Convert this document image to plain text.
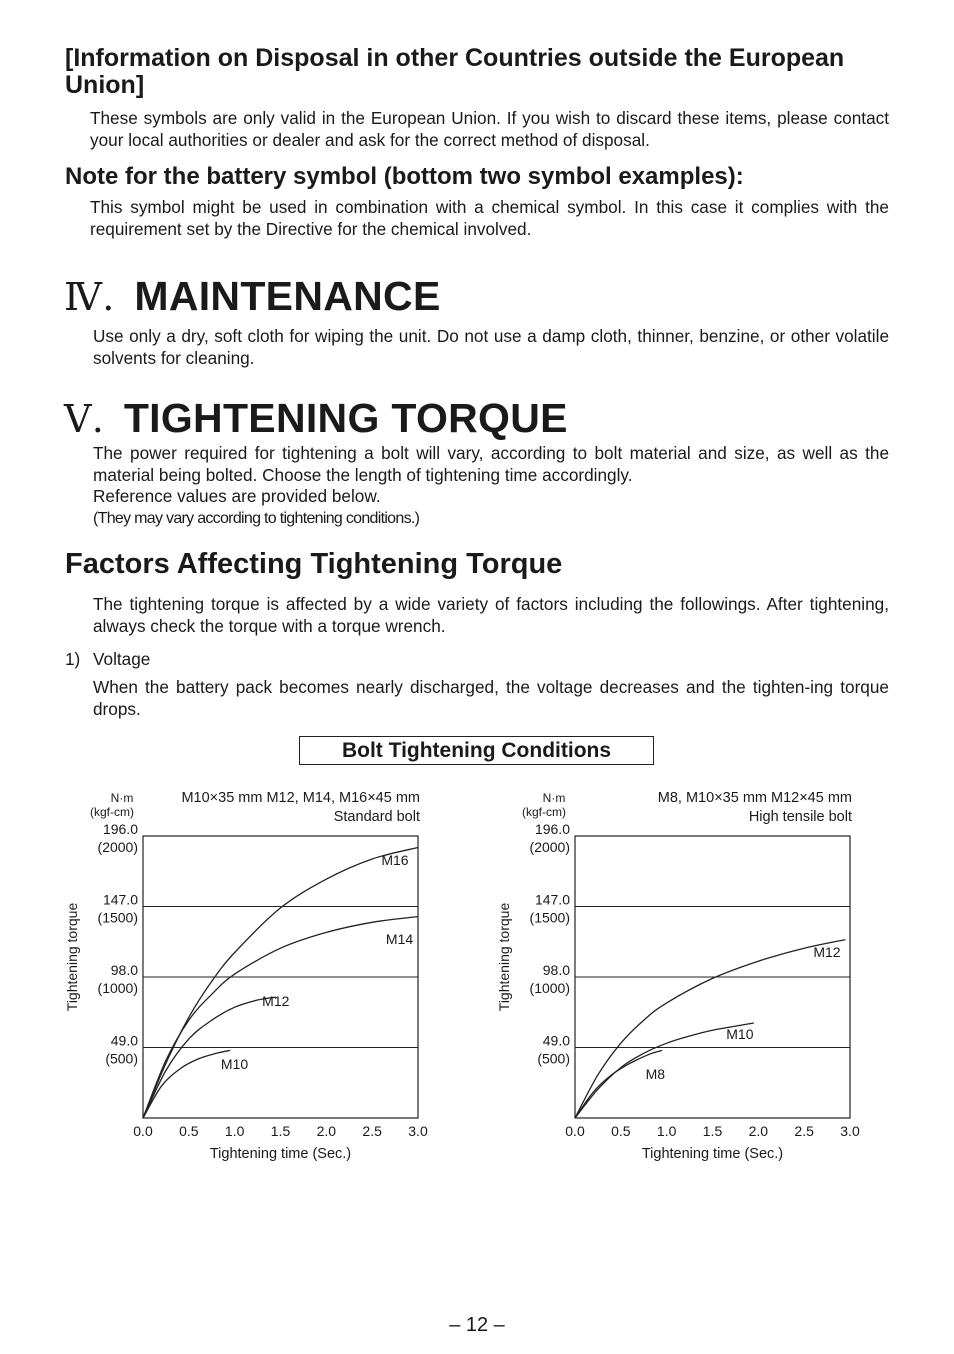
[Information on Disposal in other Countries outside the European
Union]
These symbols are only valid in the European Union. If you wish to discard these items, please contact your local authorities or dealer and ask for the correct method of disposal.
Note for the battery symbol (bottom two symbol examples):
This symbol might be used in combination with a chemical symbol. In this case it complies with the requirement set by the Directive for the chemical involved.
Ⅳ. MAINTENANCE
Use only a dry, soft cloth for wiping the unit. Do not use a damp cloth, thinner, benzine, or other volatile solvents for cleaning.
Ⅴ. TIGHTENING TORQUE
The power required for tightening a bolt will vary, according to bolt material and size, as well as the material being bolted. Choose the length of tightening time accordingly.
Reference values are provided below.
(They may vary according to tightening conditions.)
Factors Affecting Tightening Torque
The tightening torque is affected by a wide variety of factors including the followings. After tightening, always check the torque with a torque wrench.
1) Voltage
When the battery pack becomes nearly discharged, the voltage decreases and the tighten-ing torque drops.
Bolt Tightening Conditions
49.0
(500)
98.0
(1000)
147.0
(1500)
196.0
(2000)
0.0 0.5 1.0 1.5 2.0 2.5 3.0
Tightening time (Sec.)
Tightening torque
N·m
(kgf-cm)
M10×35 mm M12, M14, M16×45 mm
Standard bolt
M16
M14
M12
M10
49.0
(500)
98.0
(1000)
147.0
(1500)
196.0
(2000)
0.0 0.5 1.0 1.5 2.0 2.5 3.0
Tightening time (Sec.)
Tightening torque
N·m
(kgf-cm)
M8, M10×35 mm M12×45 mm
High tensile bolt
M12
M10
M8
– 12 –
